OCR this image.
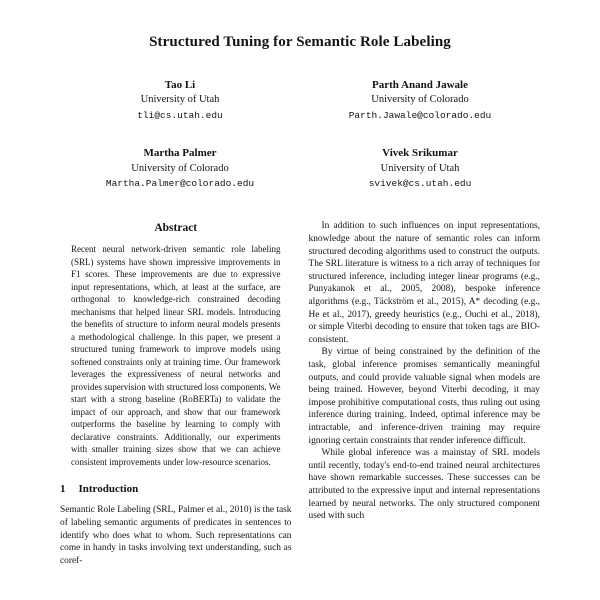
Structured Tuning for Semantic Role Labeling
Tao Li
University of Utah
tli@cs.utah.edu
Parth Anand Jawale
University of Colorado
Parth.Jawale@colorado.edu
Martha Palmer
University of Colorado
Martha.Palmer@colorado.edu
Vivek Srikumar
University of Utah
svivek@cs.utah.edu
Abstract

Recent neural network-driven semantic role labeling (SRL) systems have shown impressive improvements in F1 scores. These improvements are due to expressive input representations, which, at least at the surface, are orthogonal to knowledge-rich constrained decoding mechanisms that helped linear SRL models. Introducing the benefits of structure to inform neural models presents a methodological challenge. In this paper, we present a structured tuning framework to improve models using softened constraints only at training time. Our framework leverages the expressiveness of neural networks and provides supervision with structured loss components. We start with a strong baseline (RoBERTa) to validate the impact of our approach, and show that our framework outperforms the baseline by learning to comply with declarative constraints. Additionally, our experiments with smaller training sizes show that we can achieve consistent improvements under low-resource scenarios.

1 Introduction

Semantic Role Labeling (SRL, Palmer et al., 2010) is the task of labeling semantic arguments of predicates in sentences to identify who does what to whom. Such representations can come in handy in tasks involving text understanding, such as coref-

In addition to such influences on input representations, knowledge about the nature of semantic roles can inform structured decoding algorithms used to construct the outputs. The SRL literature is witness to a rich array of techniques for structured inference, including integer linear programs (e.g., Punyakanok et al., 2005, 2008), bespoke inference algorithms (e.g., Täckström et al., 2015), A* decoding (e.g., He et al., 2017), greedy heuristics (e.g., Ouchi et al., 2018), or simple Viterbi decoding to ensure that token tags are BIO-consistent.

By virtue of being constrained by the definition of the task, global inference promises semantically meaningful outputs, and could provide valuable signal when models are being trained. However, beyond Viterbi decoding, it may impose prohibitive computational costs, thus ruling out using inference during training. Indeed, optimal inference may be intractable, and inference-driven training may require ignoring certain constraints that render inference difficult.

While global inference was a mainstay of SRL models until recently, today's end-to-end trained neural architectures have shown remarkable successes. These successes can be attributed to the expressive input and internal representations learned by neural networks. The only structured component used with such
